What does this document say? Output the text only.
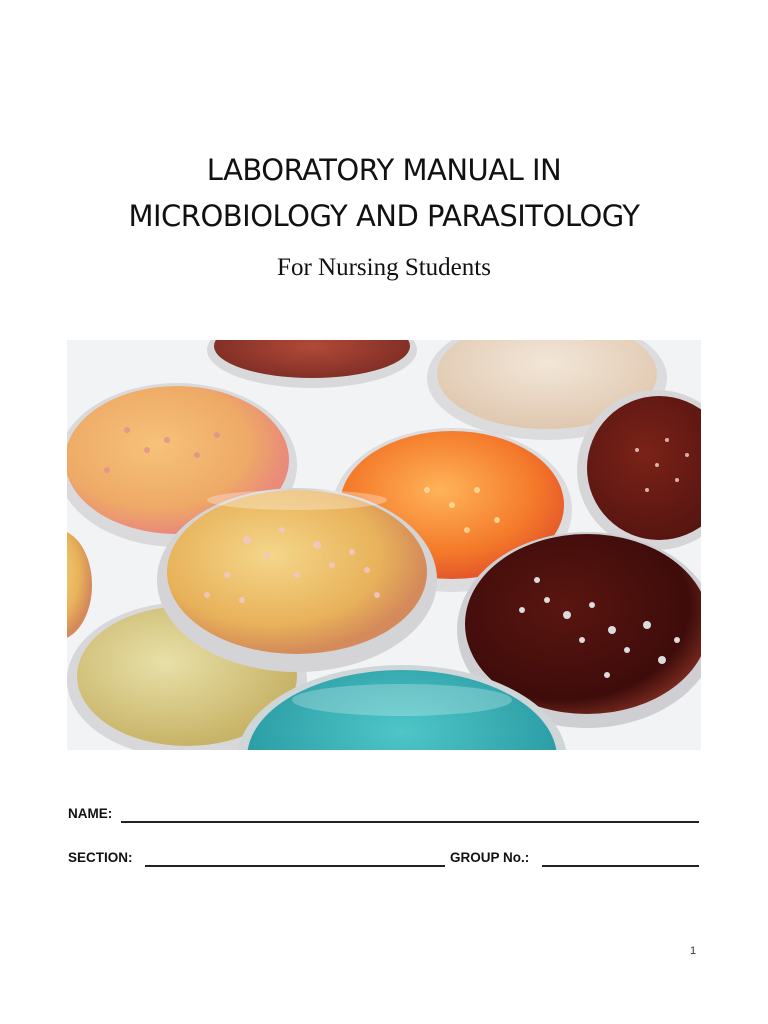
LABORATORY MANUAL IN
MICROBIOLOGY AND PARASITOLOGY
For Nursing Students
NAME:
SECTION:	GROUP No.:
1
